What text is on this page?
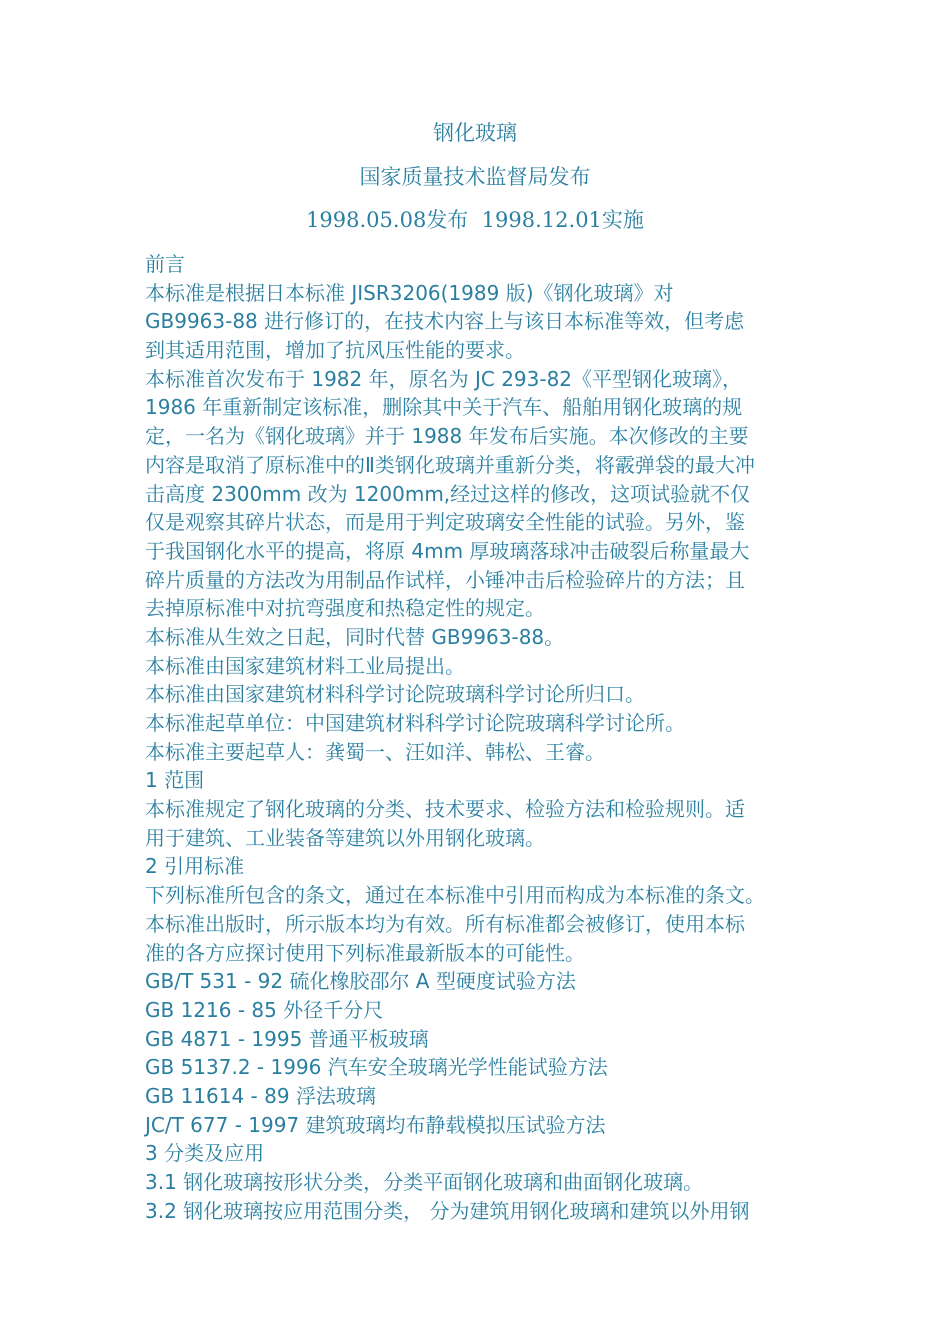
钢化玻璃
国家质量技术监督局发布
1998.05.08发布 1998.12.01实施
前言
本标准是根据日本标准 JISR3206(1989 版)《钢化玻璃》对
GB9963-88 进行修订的，在技术内容上与该日本标准等效，但考虑
到其适用范围，增加了抗风压性能的要求。
本标准首次发布于 1982 年，原名为 JC 293-82《平型钢化玻璃》，
1986 年重新制定该标准，删除其中关于汽车、船舶用钢化玻璃的规
定，一名为《钢化玻璃》并于 1988 年发布后实施。本次修改的主要
内容是取消了原标准中的Ⅱ类钢化玻璃并重新分类，将霰弹袋的最大冲
击高度 2300mm 改为 1200mm,经过这样的修改，这项试验就不仅
仅是观察其碎片状态，而是用于判定玻璃安全性能的试验。另外，鉴
于我国钢化水平的提高，将原 4mm 厚玻璃落球冲击破裂后称量最大
碎片质量的方法改为用制品作试样，小锤冲击后检验碎片的方法；且
去掉原标准中对抗弯强度和热稳定性的规定。
本标准从生效之日起，同时代替 GB9963-88。
本标准由国家建筑材料工业局提出。
本标准由国家建筑材料科学讨论院玻璃科学讨论所归口。
本标准起草单位：中国建筑材料科学讨论院玻璃科学讨论所。
本标准主要起草人：龚蜀一、汪如洋、韩松、王睿。
1 范围
本标准规定了钢化玻璃的分类、技术要求、检验方法和检验规则。适
用于建筑、工业装备等建筑以外用钢化玻璃。
2 引用标准
下列标准所包含的条文，通过在本标准中引用而构成为本标准的条文。
本标准出版时，所示版本均为有效。所有标准都会被修订，使用本标
准的各方应探讨使用下列标准最新版本的可能性。
GB/T 531 - 92 硫化橡胶邵尔 A 型硬度试验方法
GB 1216 - 85 外径千分尺
GB 4871 - 1995 普通平板玻璃
GB 5137.2 - 1996 汽车安全玻璃光学性能试验方法
GB 11614 - 89 浮法玻璃
JC/T 677 - 1997 建筑玻璃均布静载模拟压试验方法
3 分类及应用
3.1 钢化玻璃按形状分类，分类平面钢化玻璃和曲面钢化玻璃。
3.2 钢化玻璃按应用范围分类， 分为建筑用钢化玻璃和建筑以外用钢
